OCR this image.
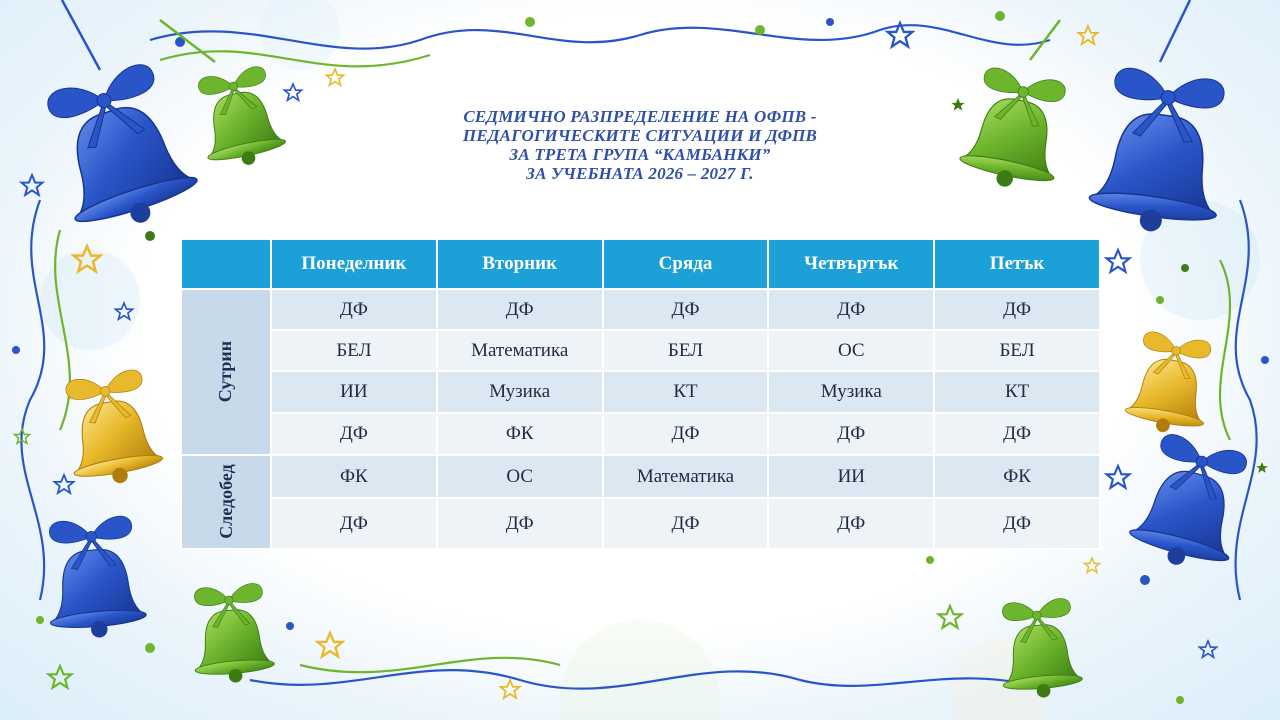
СЕДМИЧНО РАЗПРЕДЕЛЕНИЕ НА ОФПВ -
ПЕДАГОГИЧЕСКИТЕ СИТУАЦИИ И ДФПВ
ЗА ТРЕТА ГРУПА “КАМБАНКИ”
ЗА УЧЕБНАТА 2026 – 2027 Г.
	Понеделник	Вторник	Сряда	Четвъртък	Петък
Сутрин	ДФ	ДФ	ДФ	ДФ	ДФ
	БЕЛ	Математика	БЕЛ	ОС	БЕЛ
	ИИ	Музика	КТ	Музика	КТ
	ДФ	ФК	ДФ	ДФ	ДФ
Следобед	ФК	ОС	Математика	ИИ	ФК
	ДФ	ДФ	ДФ	ДФ	ДФ
